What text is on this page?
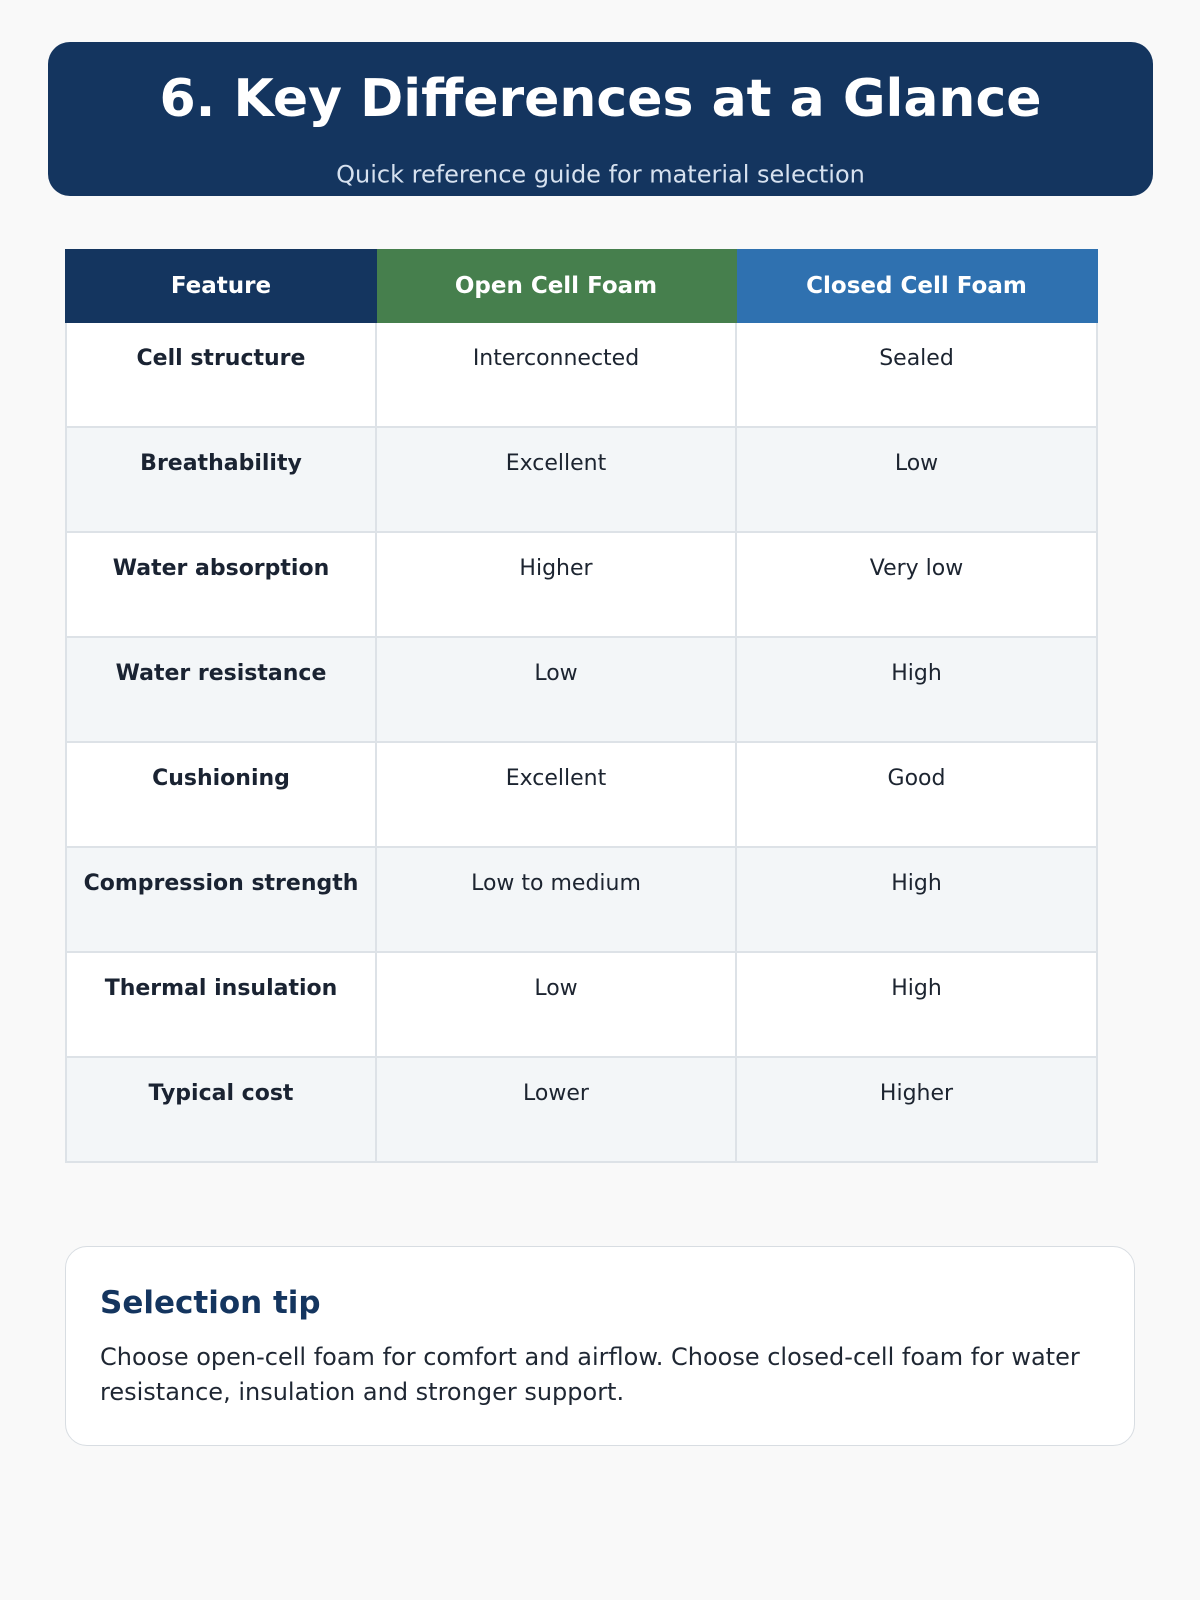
6. Key Differences at a Glance
Quick reference guide for material selection
Feature	Open Cell Foam	Closed Cell Foam
Cell structure	Interconnected	Sealed
Breathability	Excellent	Low
Water absorption	Higher	Very low
Water resistance	Low	High
Cushioning	Excellent	Good
Compression strength	Low to medium	High
Thermal insulation	Low	High
Typical cost	Lower	Higher
Selection tip
Choose open-cell foam for comfort and airflow. Choose closed-cell foam for water resistance, insulation and stronger support.
